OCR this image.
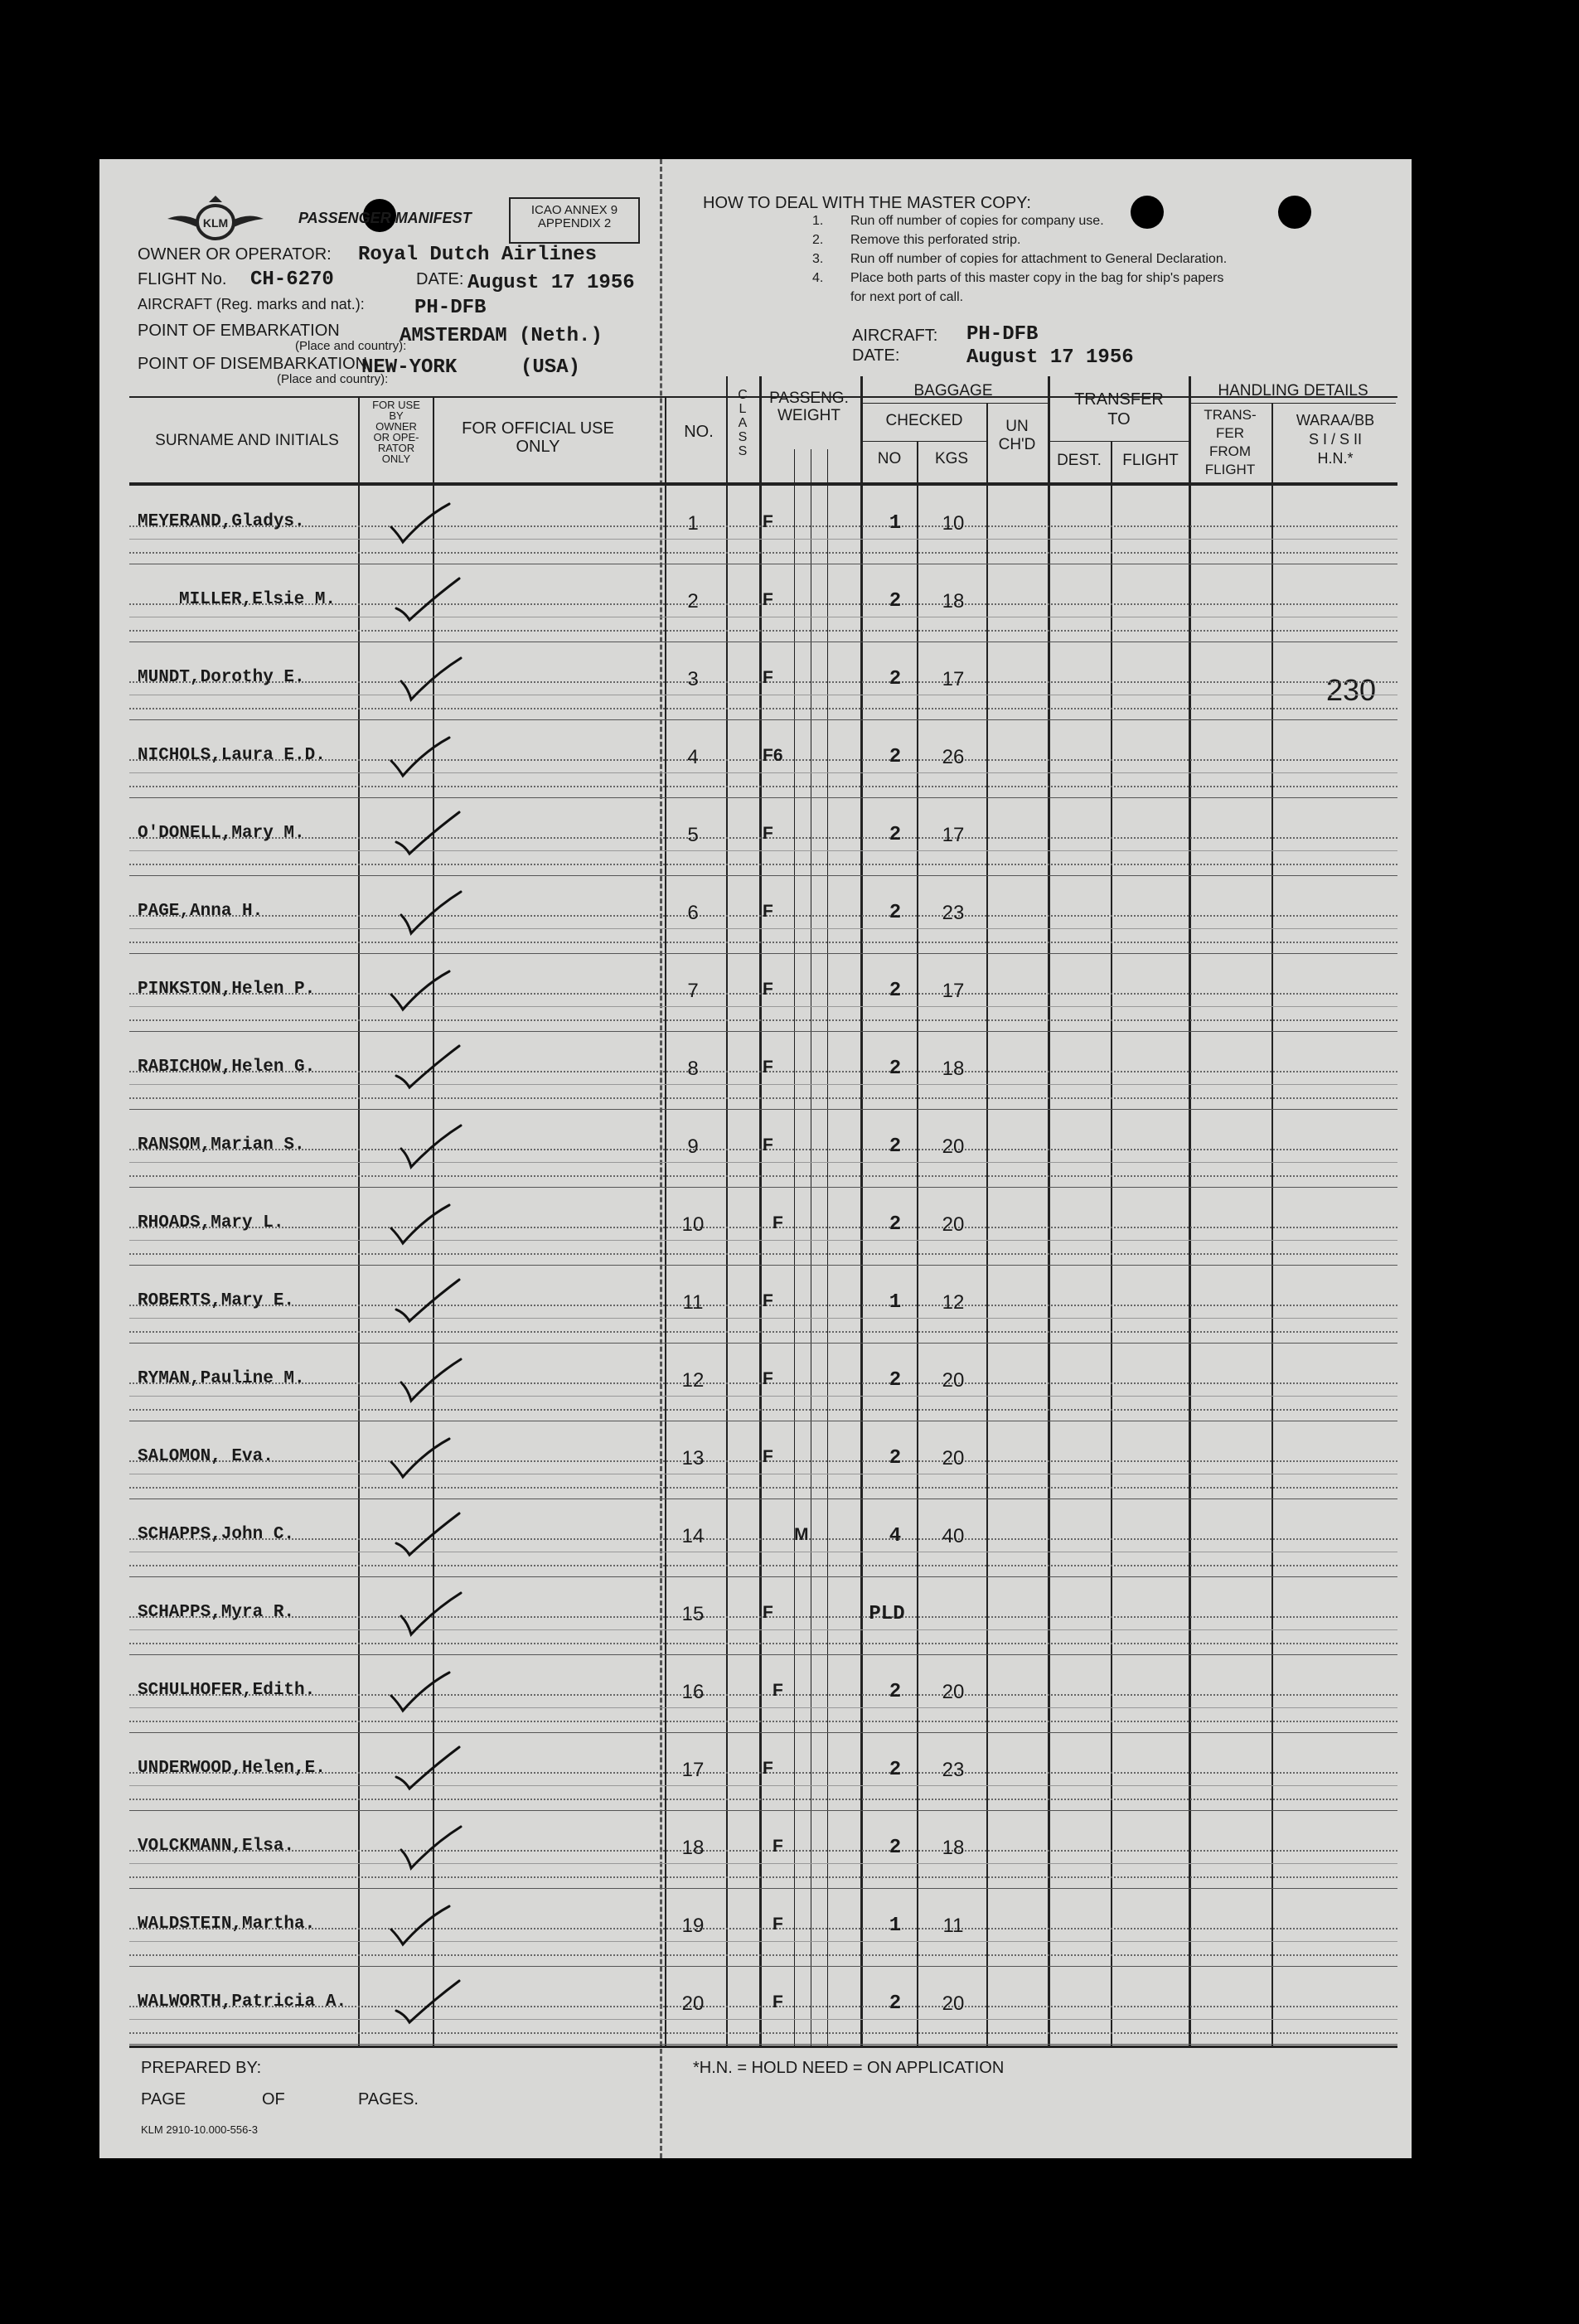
KLM	PASSENGER MANIFEST	ICAO ANNEX 9
APPENDIX 2
OWNER OR OPERATOR: Royal Dutch Airlines
FLIGHT No. CH-6270	DATE: August 17 1956
AIRCRAFT (Reg. marks and nat.):	PH-DFB
POINT OF EMBARKATION	AMSTERDAM (Neth.)
(Place and country):
POINT OF DISEMBARKATION
NEW-YORK	(USA)
(Place and country):
HOW TO DEAL WITH THE MASTER COPY:
1. Run off number of copies for company use.
2. Remove this perforated strip.
3. Run off number of copies for attachment to General Declaration.
4. Place both parts of this master copy in the bag for ship's papers
for next port of call.
AIRCRAFT: PH-DFB
DATE:	August 17 1956
SURNAME AND INITIALS
FOR USE
BY
OWNER
OR OPE-
RATOR
ONLY
FOR OFFICIAL USE
ONLY
NO.
C
L
A
S
S
PASSENG.
WEIGHT
BAGGAGE
CHECKED
NO	KGS
UN
CH'D
TRANSFER
TO
DEST.	FLIGHT
HANDLING DETAILS
TRANS-
FER
FROM
FLIGHT
WARAA/BB
S I / S II
H.N.*
230
MEYERAND,Gladys.	1	F	1	10
MILLER,Elsie M.	2	F	2	18
MUNDT,Dorothy E.	3	F	2	17
NICHOLS,Laura E.D.	4	F6	2	26
O'DONELL,Mary M.	5	F	2	17
PAGE,Anna H.	6	F	2	23
PINKSTON,Helen P.	7	F	2	17
RABICHOW,Helen G.	8	F	2	18
RANSOM,Marian S.	9	F	2	20
RHOADS,Mary L.	10	F	2	20
ROBERTS,Mary E.	11	F	1	12
RYMAN,Pauline M.	12	F	2	20
SALOMON, Eva.	13	F	2	20
SCHAPPS,John C.	14	M	4	40
SCHAPPS,Myra R.	15	F	PLD
SCHULHOFER,Edith.	16	F	2	20
UNDERWOOD,Helen,E.	17	F	2	23
VOLCKMANN,Elsa.	18	F	2	18
WALDSTEIN,Martha.	19	F	1	11
WALWORTH,Patricia A.	20	F	2	20
PREPARED BY:
PAGE	OF	PAGES.
KLM 2910-10.000-556-3
*H.N. = HOLD NEED = ON APPLICATION
